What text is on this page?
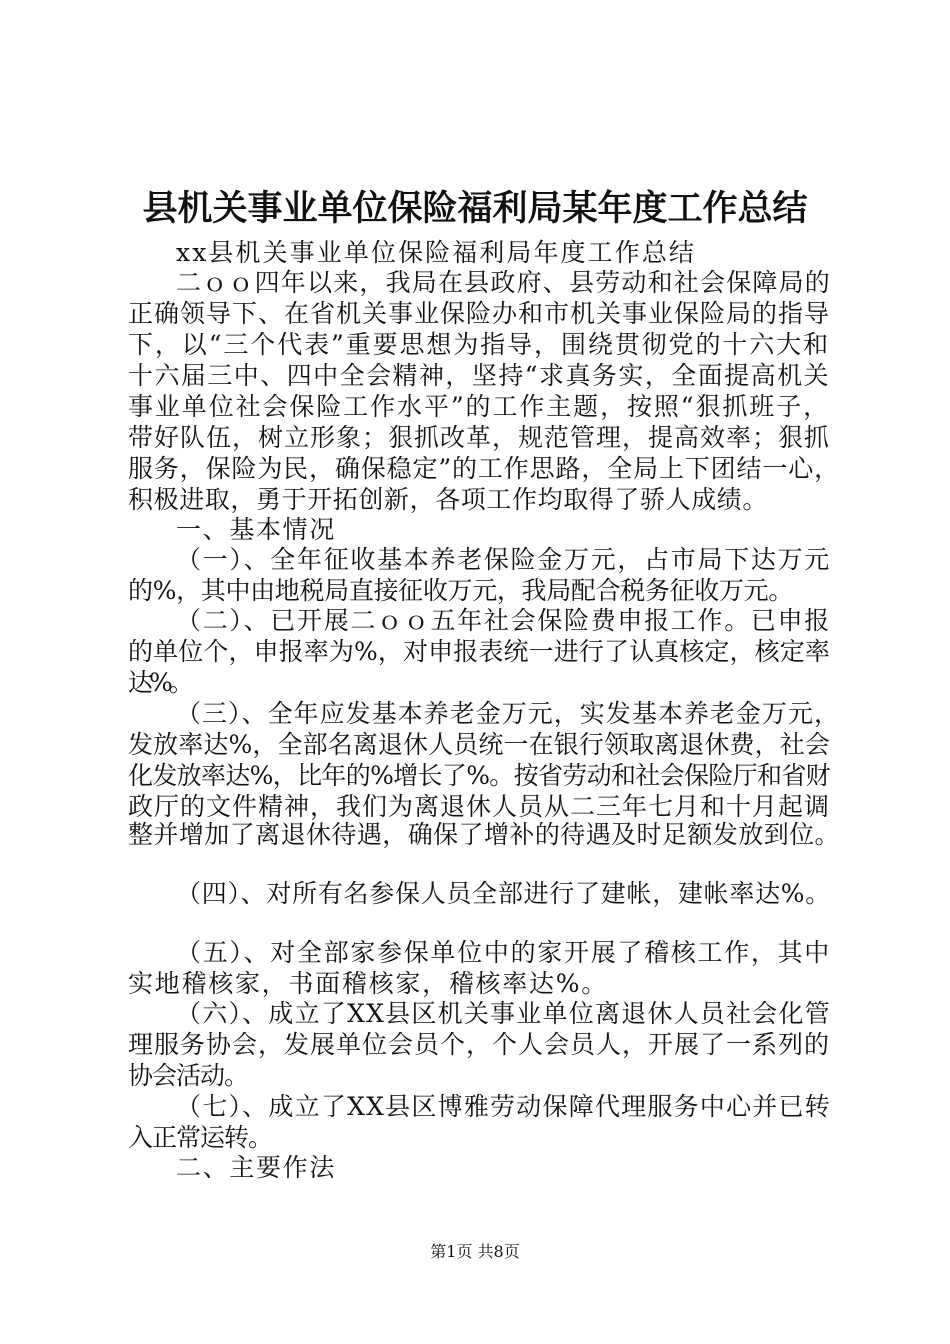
县机关事业单位保险福利局某年度工作总结
xx县机关事业单位保险福利局年度工作总结
二ｏｏ四年以来，我局在县政府、县劳动和社会保障局的
正确领导下、在省机关事业保险办和市机关事业保险局的指导
下，以“三个代表”重要思想为指导，围绕贯彻党的十六大和
十六届三中、四中全会精神，坚持“求真务实，全面提高机关
事业单位社会保险工作水平”的工作主题，按照“狠抓班子，
带好队伍，树立形象；狠抓改革，规范管理，提高效率；狠抓
服务，保险为民，确保稳定”的工作思路，全局上下团结一心，
积极进取，勇于开拓创新，各项工作均取得了骄人成绩。
一、基本情况
（一）、全年征收基本养老保险金万元，占市局下达万元
的%，其中由地税局直接征收万元，我局配合税务征收万元。
（二）、已开展二ｏｏ五年社会保险费申报工作。已申报
的单位个，申报率为%，对申报表统一进行了认真核定，核定率
达%。
（三）、全年应发基本养老金万元，实发基本养老金万元，
发放率达%，全部名离退休人员统一在银行领取离退休费，社会
化发放率达%，比年的%增长了%。按省劳动和社会保险厅和省财
政厅的文件精神，我们为离退休人员从二三年七月和十月起调
整并增加了离退休待遇，确保了增补的待遇及时足额发放到位。
（四）、对所有名参保人员全部进行了建帐，建帐率达%。
（五）、对全部家参保单位中的家开展了稽核工作，其中
实地稽核家，书面稽核家，稽核率达%。
（六）、成立了XX县区机关事业单位离退休人员社会化管
理服务协会，发展单位会员个，个人会员人，开展了一系列的
协会活动。
（七）、成立了XX县区博雅劳动保障代理服务中心并已转
入正常运转。
二、主要作法
第1页 共8页
